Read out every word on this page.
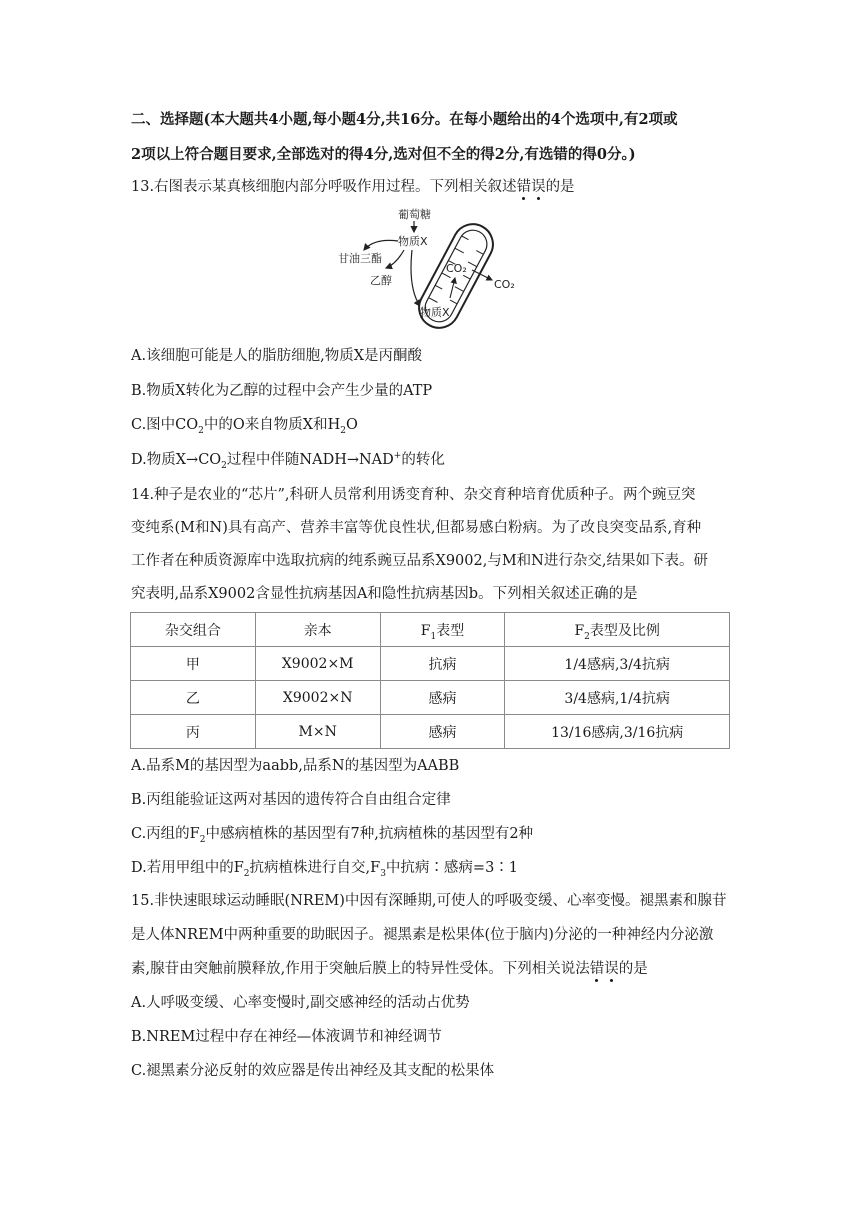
二、选择题(本大题共4小题,每小题4分,共16分。在每小题给出的4个选项中,有2项或
2项以上符合题目要求,全部选对的得4分,选对但不全的得2分,有选错的得0分。)
13.右图表示某真核细胞内部分呼吸作用过程。下列相关叙述错误的是
葡萄糖
物质X
甘油三酯
乙醇
CO₂
CO₂
物质X
A.该细胞可能是人的脂肪细胞,物质X是丙酮酸
B.物质X转化为乙醇的过程中会产生少量的ATP
C.图中$CO_2$中的O来自物质X和$H_2O$
D.物质$X\to CO_2$过程中伴随NADH→NAD+的转化
14.种子是农业的“芯片”,科研人员常利用诱变育种、杂交育种培育优质种子。两个豌豆突
变纯系(M和N)具有高产、营养丰富等优良性状,但都易感白粉病。为了改良突变品系,育种
工作者在种质资源库中选取抗病的纯系豌豆品系X9002,与M和N进行杂交,结果如下表。研
究表明,品系X9002含显性抗病基因A和隐性抗病基因b。下列相关叙述正确的是
杂交组合	亲本	$F_1$表型	$F_2$表型及比例
甲	X9002×M	抗病	1/4感病,3/4抗病
乙	X9002×N	感病	3/4感病,1/4抗病
丙	M×N	感病	13/16感病,3/16抗病
A.品系M的基因型为aabb,品系N的基因型为AABB
B.丙组能验证这两对基因的遗传符合自由组合定律
C.丙组的$F_2$中感病植株的基因型有7种,抗病植株的基因型有2种
D.若用甲组中的$F_2$抗病植株进行自交$,F_3$中抗病∶感病=3∶1
15.非快速眼球运动睡眠(NREM)中因有深睡期,可使人的呼吸变缓、心率变慢。褪黑素和腺苷
是人体NREM中两种重要的助眠因子。褪黑素是松果体(位于脑内)分泌的一种神经内分泌激
素,腺苷由突触前膜释放,作用于突触后膜上的特异性受体。下列相关说法错误的是
A.人呼吸变缓、心率变慢时,副交感神经的活动占优势
B.NREM过程中存在神经—体液调节和神经调节
C.褪黑素分泌反射的效应器是传出神经及其支配的松果体
